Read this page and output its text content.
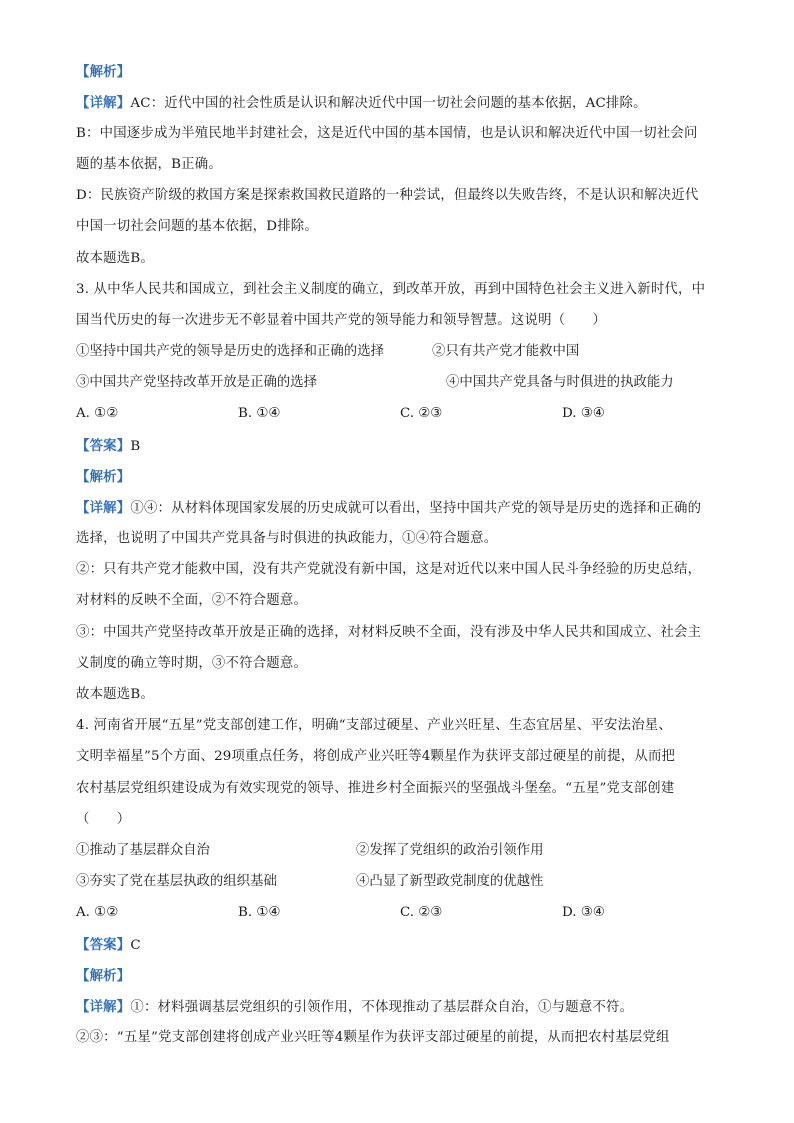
【解析】
【详解】AC：近代中国的社会性质是认识和解决近代中国一切社会问题的基本依据，AC排除。
B：中国逐步成为半殖民地半封建社会，这是近代中国的基本国情，也是认识和解决近代中国一切社会问
题的基本依据，B正确。
D：民族资产阶级的救国方案是探索救国救民道路的一种尝试，但最终以失败告终，不是认识和解决近代
中国一切社会问题的基本依据，D排除。
故本题选B。
3. 从中华人民共和国成立，到社会主义制度的确立，到改革开放，再到中国特色社会主义进入新时代，中
国当代历史的每一次进步无不彰显着中国共产党的领导能力和领导智慧。这说明（　　）
①坚持中国共产党的领导是历史的选择和正确的选择	②只有共产党才能救中国
③中国共产党坚持改革开放是正确的选择	④中国共产党具备与时俱进的执政能力
A. ①②	B. ①④	C. ②③	D. ③④
【答案】B
【解析】
【详解】①④：从材料体现国家发展的历史成就可以看出，坚持中国共产党的领导是历史的选择和正确的
选择，也说明了中国共产党具备与时俱进的执政能力，①④符合题意。
②：只有共产党才能救中国，没有共产党就没有新中国，这是对近代以来中国人民斗争经验的历史总结，
对材料的反映不全面，②不符合题意。
③：中国共产党坚持改革开放是正确的选择，对材料反映不全面，没有涉及中华人民共和国成立、社会主
义制度的确立等时期，③不符合题意。
故本题选B。
4. 河南省开展“五星”党支部创建工作，明确“支部过硬星、产业兴旺星、生态宜居星、平安法治星、
文明幸福星”5个方面、29项重点任务，将创成产业兴旺等4颗星作为获评支部过硬星的前提，从而把
农村基层党组织建设成为有效实现党的领导、推进乡村全面振兴的坚强战斗堡垒。“五星”党支部创建
（　　）
①推动了基层群众自治	②发挥了党组织的政治引领作用
③夯实了党在基层执政的组织基础	④凸显了新型政党制度的优越性
A. ①②	B. ①④	C. ②③	D. ③④
【答案】C
【解析】
【详解】①：材料强调基层党组织的引领作用，不体现推动了基层群众自治，①与题意不符。
②③：“五星”党支部创建将创成产业兴旺等4颗星作为获评支部过硬星的前提，从而把农村基层党组
